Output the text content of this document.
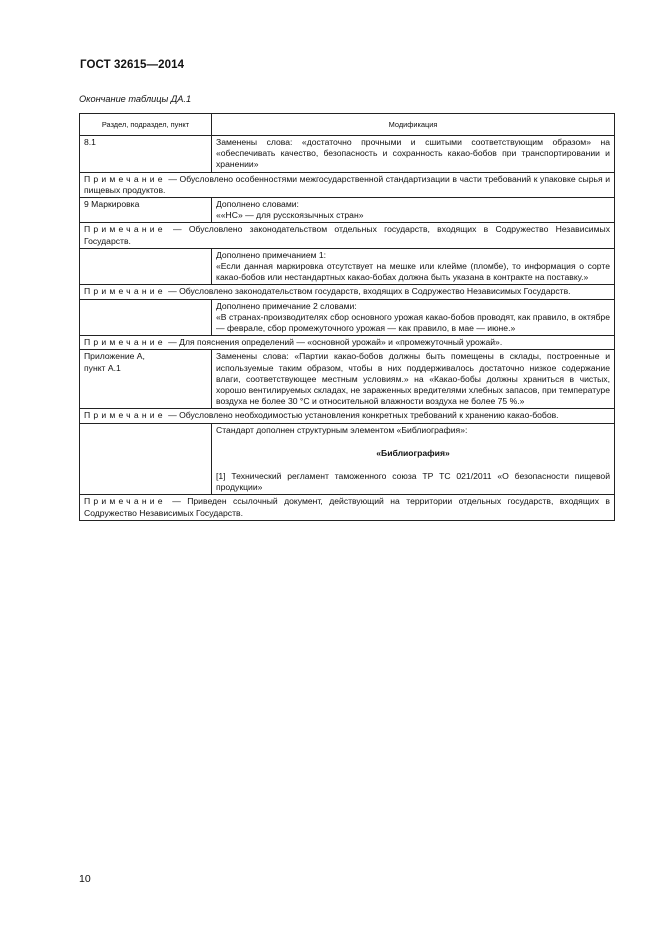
ГОСТ 32615—2014
Окончание таблицы ДА.1
Раздел, подраздел, пункт	Модификация
8.1	Заменены слова: «достаточно прочными и сшитыми соответствующим образом» на «обеспечивать качество, безопасность и сохранность какао-бобов при транспортировании и хранении»
Примечание — Обусловлено особенностями межгосударственной стандартизации в части требований к упаковке сырья и пищевых продуктов.	
9 Маркировка	Дополнено словами:
««НС» — для русскоязычных стран»

Примечание — Обусловлено законодательством отдельных государств, входящих в Содружество Независимых Государств.	

	Дополнено примечанием 1:
«Если данная маркировка отсутствует на мешке или клейме (пломбе), то информация о сорте какао-бобов или нестандартных какао-бобах должна быть указана в контракте на поставку.»

Примечание — Обусловлено законодательством государств, входящих в Содружество Независимых Государств.	

	Дополнено примечание 2 словами:
«В странах-производителях сбор основного урожая какао-бобов проводят, как правило, в октябре — феврале, сбор промежуточного урожая — как правило, в мае — июне.»

Примечание — Для пояснения определений — «основной урожай» и «промежуточный урожай».	

Приложение А,
пункт А.1	Заменены слова: «Партии какао-бобов должны быть помещены в склады, построенные и используемые таким образом, чтобы в них поддерживалось достаточно низкое содержание влаги, соответствующее местным условиям.» на «Какао-бобы должны храниться в чистых, хорошо вентилируемых складах, не зараженных вредителями хлебных запасов, при температуре воздуха не более 30 °С и относительной влажности воздуха не более 75 %.»
Примечание — Обусловлено необходимостью установления конкретных требований к хранению какао-бобов.	

	Стандарт дополнен структурным элементом «Библиография»:
«Библиография»
[1] Технический регламент таможенного союза ТР ТС 021/2011 «О безопасности пищевой продукции»

Примечание — Приведен ссылочный документ, действующий на территории отдельных государств, входящих в Содружество Независимых Государств.	
10
